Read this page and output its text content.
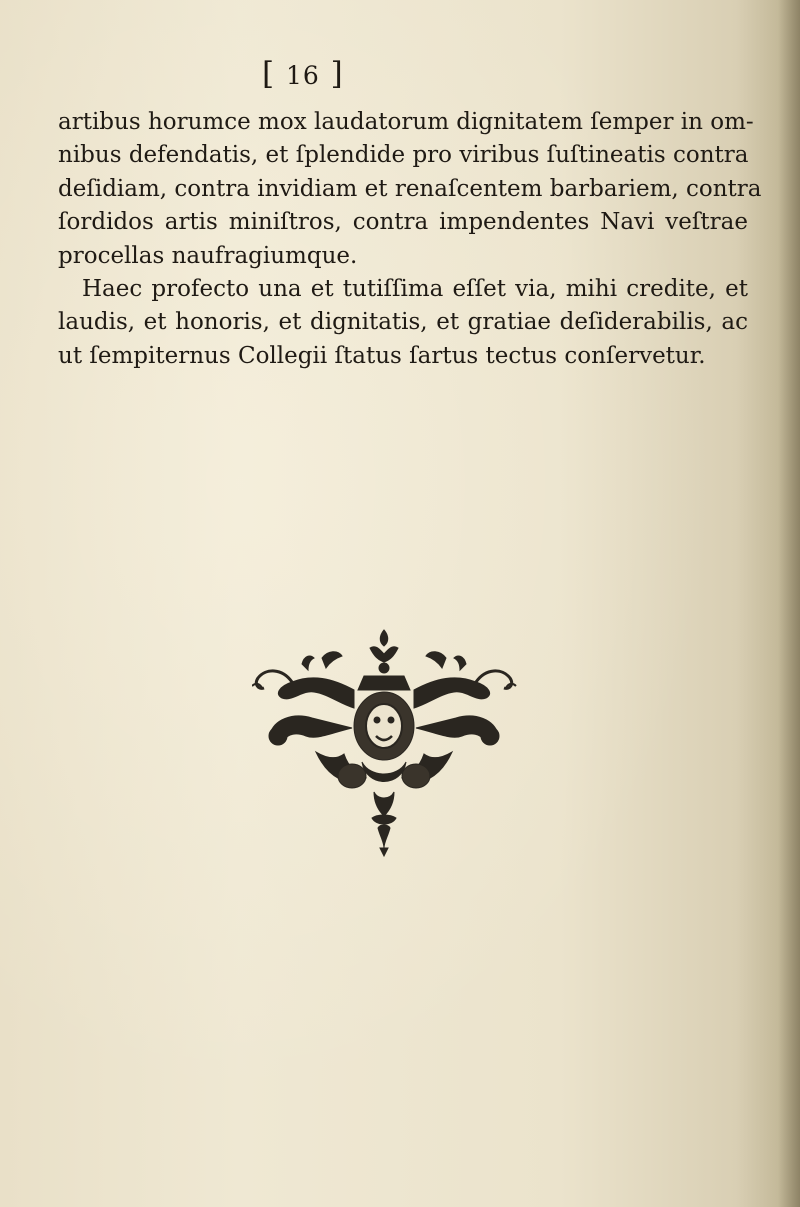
[ 16 ]
artibus horumce mox laudatorum dignitatem ſemper in om-
nibus defendatis, et ſplendide pro viribus ſuſtineatis contra
deſidiam, contra invidiam et renaſcentem barbariem, contra
ſordidos artis miniſtros, contra impendentes Navi veſtrae
procellas naufragiumque.
Haec profectо una et tutiſſima eſſet via, mihi credite, et
laudis, et honoris, et dignitatis, et gratiae deſiderabilis, ac
ut ſempiternus Collegii ſtatus ſartus tectus conſervetur.
